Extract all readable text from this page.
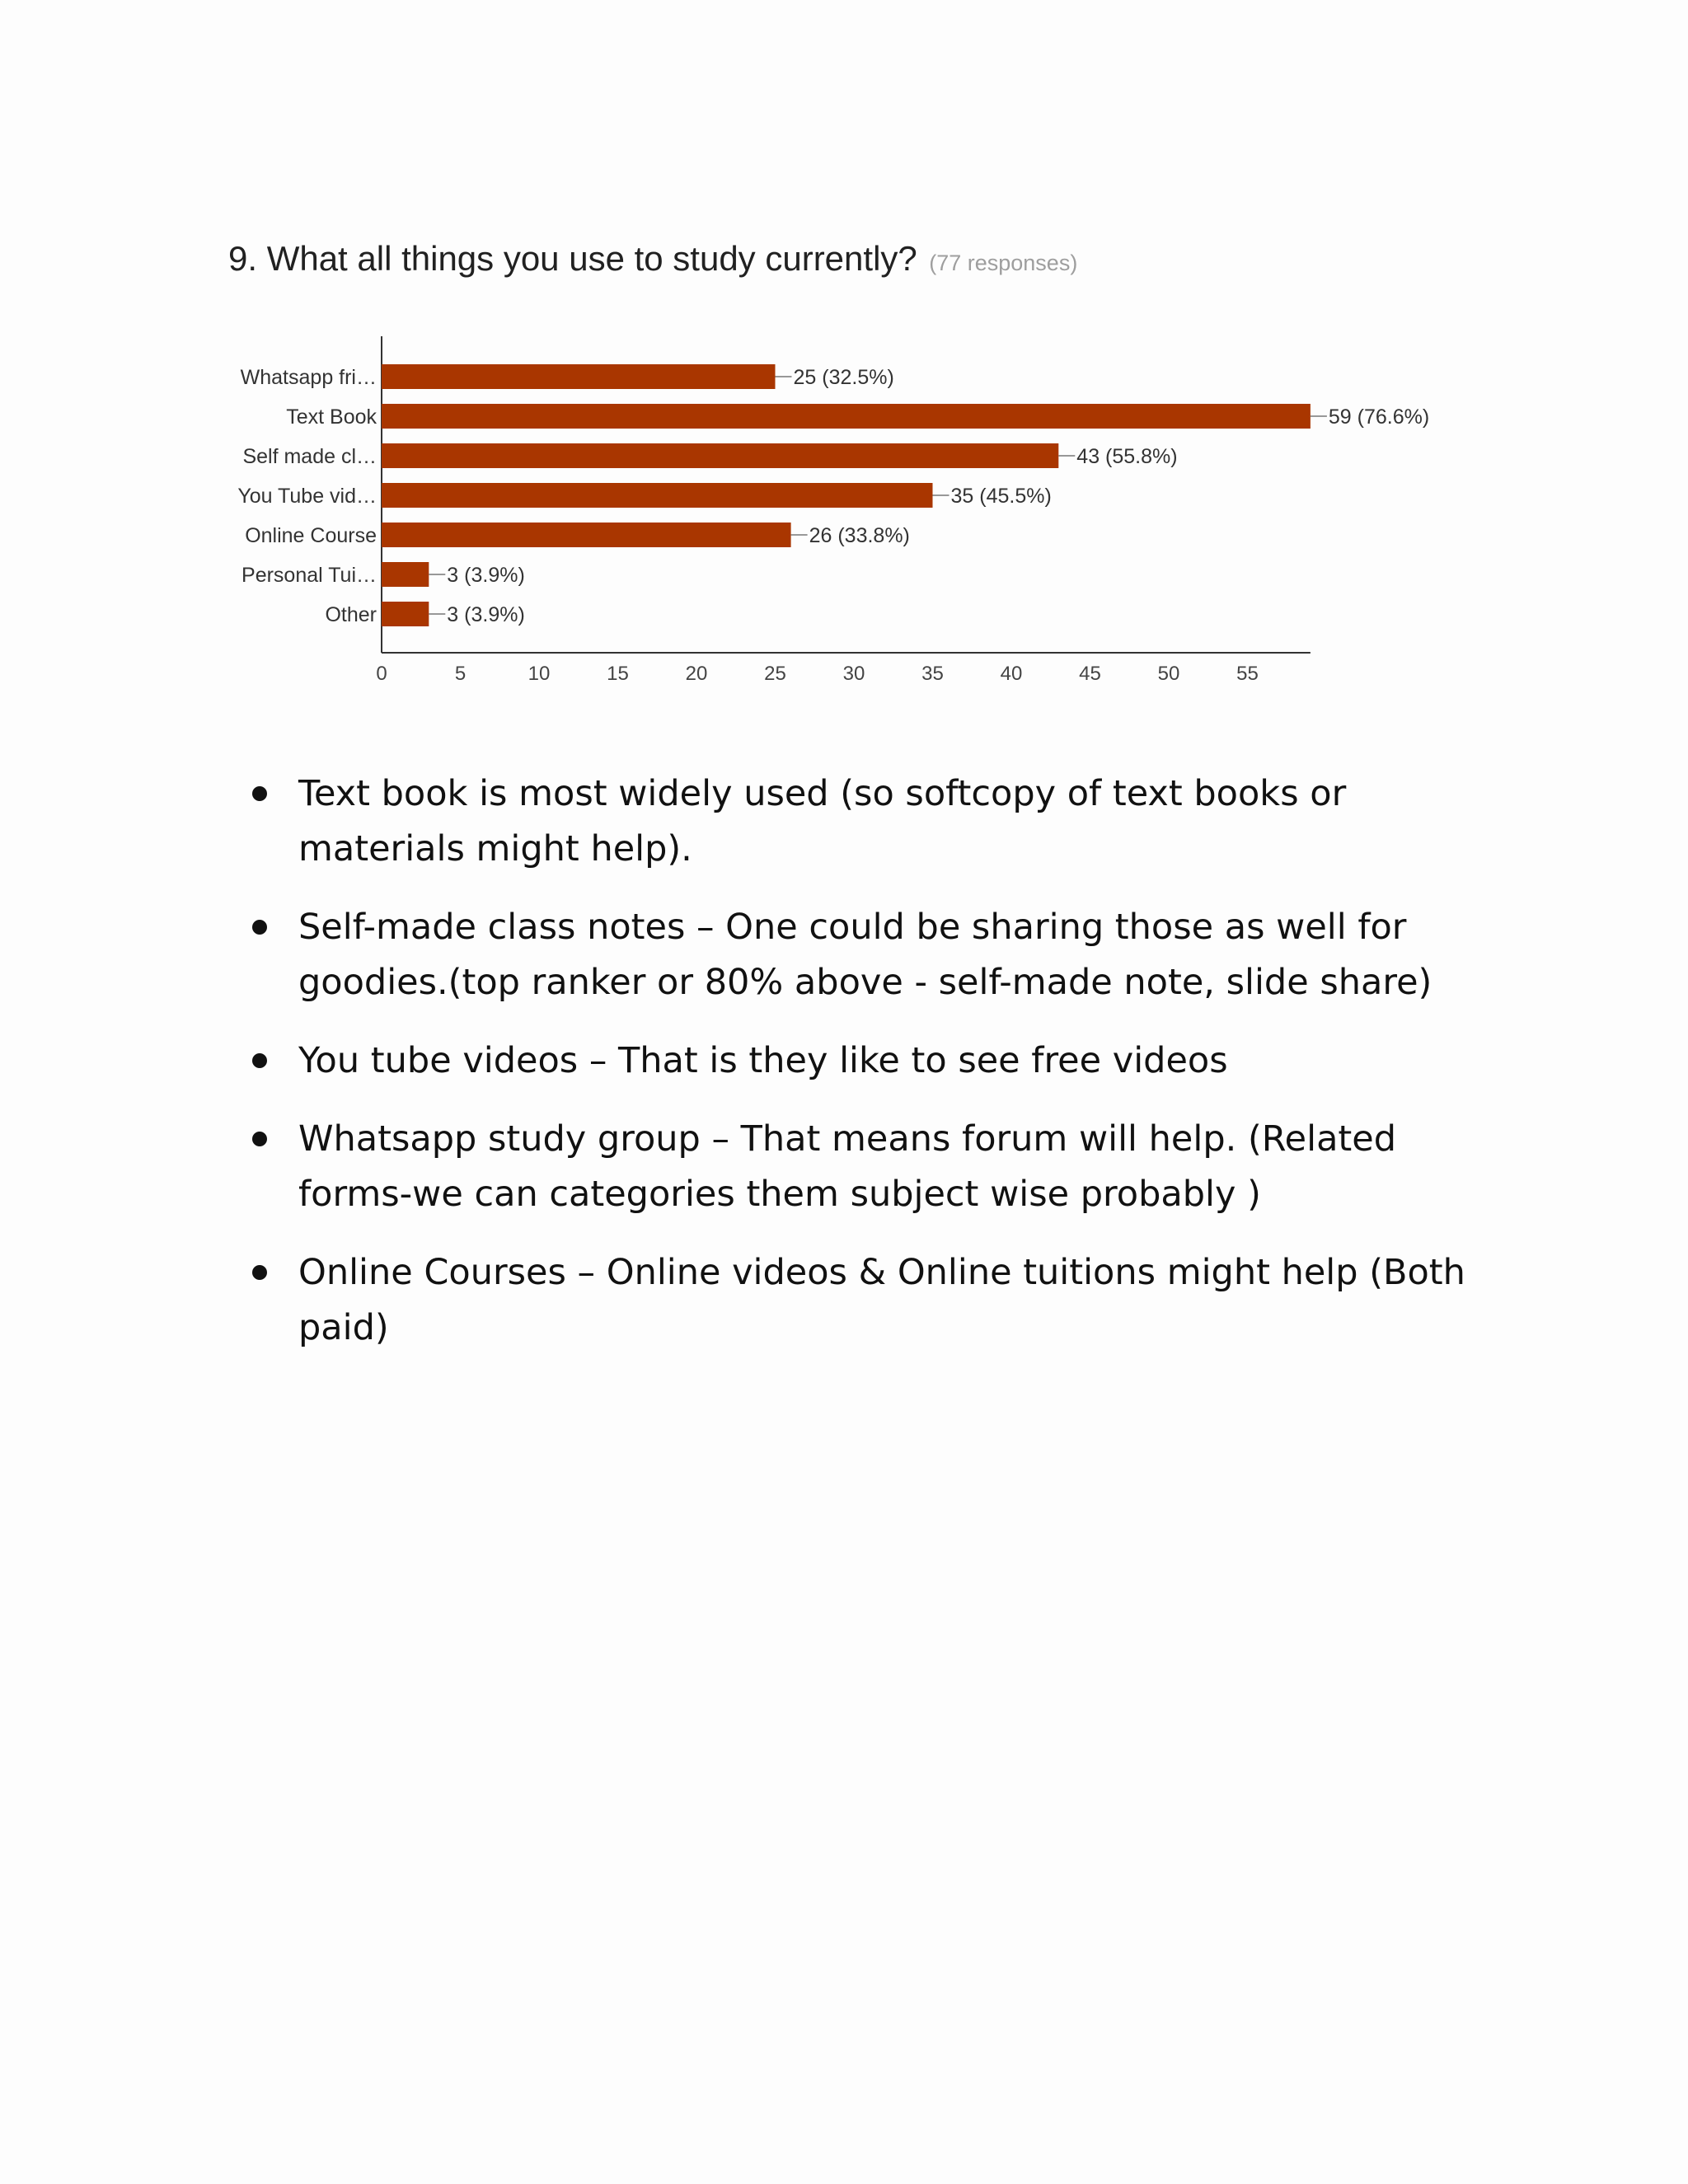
9. What all things you use to study currently? (77 responses)
0	5	10	15	20	25	30	35	40	45	50	55
Whatsapp fri…	25 (32.5%)
Text Book	59 (76.6%)
Self made cl…	43 (55.8%)
You Tube vid…	35 (45.5%)
Online Course	26 (33.8%)
Personal Tui…	3 (3.9%)
Other	3 (3.9%)
Text book is most widely used (so softcopy of text books or materials might help).
Self-made class notes – One could be sharing those as well for goodies.(top ranker or 80% above - self-made note, slide share)
You tube videos – That is they like to see free videos
Whatsapp study group – That means forum will help. (Related forms-we can categories them subject wise probably )
Online Courses – Online videos & Online tuitions might help (Both paid)
